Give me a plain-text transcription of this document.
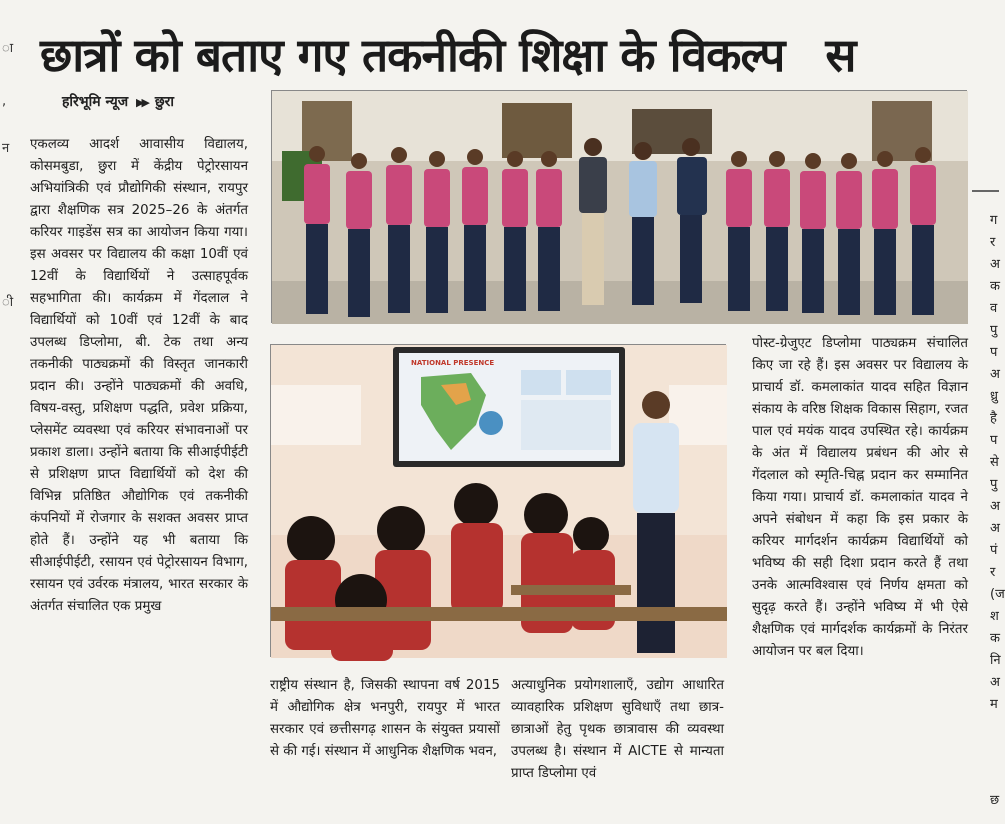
ा
,
न
ी
छात्रों को बताए गए तकनीकी शिक्षा के विकल्प स
हरिभूमि न्यूज ▶▶ छुरा
NATIONAL PRESENCE
एकलव्य आदर्श आवासीय विद्यालय, कोसमबुडा, छुरा में केंद्रीय पेट्रोरसायन अभियांत्रिकी एवं प्रौद्योगिकी संस्थान, रायपुर द्वारा शैक्षणिक सत्र 2025–26 के अंतर्गत करियर गाइडेंस सत्र का आयोजन किया गया। इस अवसर पर विद्यालय की कक्षा 10वीं एवं 12वीं के विद्यार्थियों ने उत्साहपूर्वक सहभागिता की। कार्यक्रम में गेंदलाल ने विद्यार्थियों को 10वीं एवं 12वीं के बाद उपलब्ध डिप्लोमा, बी. टेक तथा अन्य तकनीकी पाठ्यक्रमों की विस्तृत जानकारी प्रदान की। उन्होंने पाठ्यक्रमों की अवधि, विषय-वस्तु, प्रशिक्षण पद्धति, प्रवेश प्रक्रिया, प्लेसमेंट व्यवस्था एवं करियर संभावनाओं पर प्रकाश डाला। उन्होंने बताया कि सीआईपीईटी से प्रशिक्षण प्राप्त विद्यार्थियों को देश की विभिन्न प्रतिष्ठित औद्योगिक एवं तकनीकी कंपनियों में रोजगार के सशक्त अवसर प्राप्त होते हैं। उन्होंने यह भी बताया कि सीआईपीईटी, रसायन एवं पेट्रोरसायन विभाग, रसायन एवं उर्वरक मंत्रालय, भारत सरकार के अंतर्गत संचालित एक प्रमुख
राष्ट्रीय संस्थान है, जिसकी स्थापना वर्ष 2015 में औद्योगिक क्षेत्र भनपुरी, रायपुर में भारत सरकार एवं छत्तीसगढ़ शासन के संयुक्त प्रयासों से की गई। संस्थान में आधुनिक शैक्षणिक भवन,
अत्याधुनिक प्रयोगशालाएँ, उद्योग आधारित व्यावहारिक प्रशिक्षण सुविधाएँ तथा छात्र-छात्राओं हेतु पृथक छात्रावास की व्यवस्था उपलब्ध है। संस्थान में AICTE से मान्यता प्राप्त डिप्लोमा एवं
पोस्ट-ग्रेजुएट डिप्लोमा पाठ्यक्रम संचालित किए जा रहे हैं। इस अवसर पर विद्यालय के प्राचार्य डॉ. कमलाकांत यादव सहित विज्ञान संकाय के वरिष्ठ शिक्षक विकास सिहाग, रजत पाल एवं मयंक यादव उपस्थित रहे। कार्यक्रम के अंत में विद्यालय प्रबंधन की ओर से गेंदलाल को स्मृति-चिह्न प्रदान कर सम्मानित किया गया। प्राचार्य डॉ. कमलाकांत यादव ने अपने संबोधन में कहा कि इस प्रकार के करियर मार्गदर्शन कार्यक्रम विद्यार्थियों को भविष्य की सही दिशा प्रदान करते हैं तथा उनके आत्मविश्वास एवं निर्णय क्षमता को सुदृढ़ करते हैं। उन्होंने भविष्य में भी ऐसे शैक्षणिक एवं मार्गदर्शक कार्यक्रमों के निरंतर आयोजन पर बल दिया।
ग
र
अ
क
व
पु
प
अ
ध्रु
है
प
से
पु
अ
अ
पं
र
(ज
श
क
नि
अ
म
छ
